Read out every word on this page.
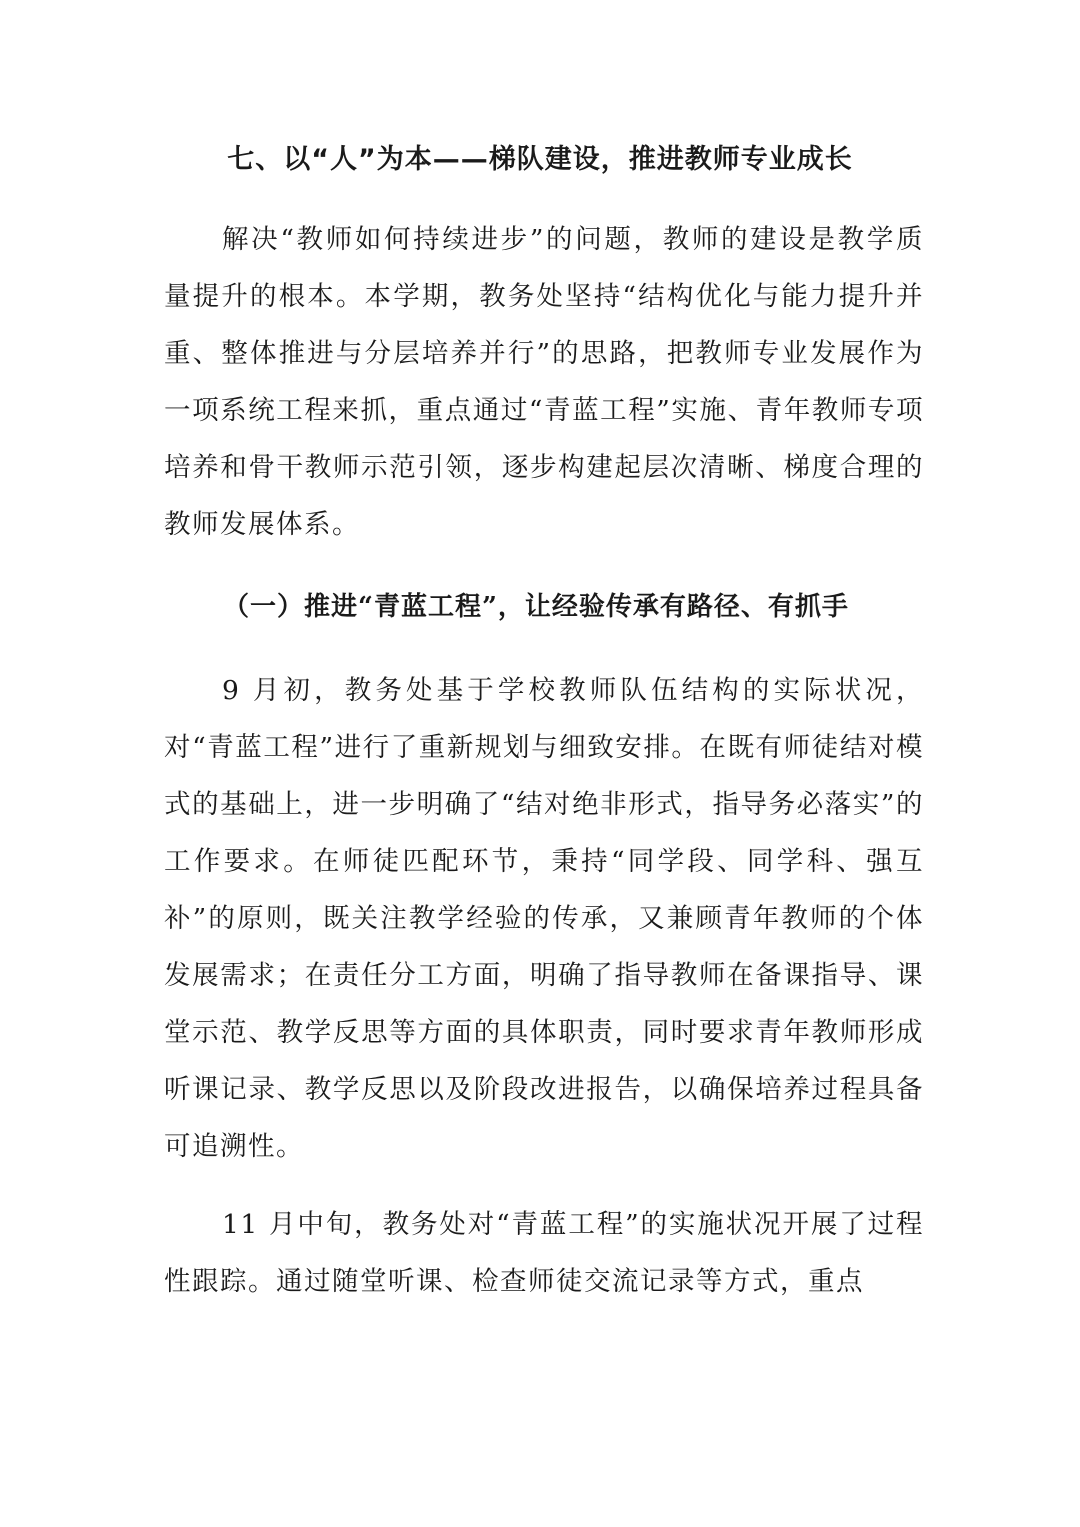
七、以“人”为本——梯队建设，推进教师专业成长

解决“教师如何持续进步”的问题，教师的建设是教学质量提升的根本。本学期，教务处坚持“结构优化与能力提升并重、整体推进与分层培养并行”的思路，把教师专业发展作为一项系统工程来抓，重点通过“青蓝工程”实施、青年教师专项培养和骨干教师示范引领，逐步构建起层次清晰、梯度合理的教师发展体系。

（一）推进“青蓝工程”，让经验传承有路径、有抓手

9 月初，教务处基于学校教师队伍结构的实际状况，对“青蓝工程”进行了重新规划与细致安排。在既有师徒结对模式的基础上，进一步明确了“结对绝非形式，指导务必落实”的工作要求。在师徒匹配环节，秉持“同学段、同学科、强互补”的原则，既关注教学经验的传承，又兼顾青年教师的个体发展需求；在责任分工方面，明确了指导教师在备课指导、课堂示范、教学反思等方面的具体职责，同时要求青年教师形成听课记录、教学反思以及阶段改进报告，以确保培养过程具备可追溯性。

11 月中旬，教务处对“青蓝工程”的实施状况开展了过程性跟踪。通过随堂听课、检查师徒交流记录等方式，重点
